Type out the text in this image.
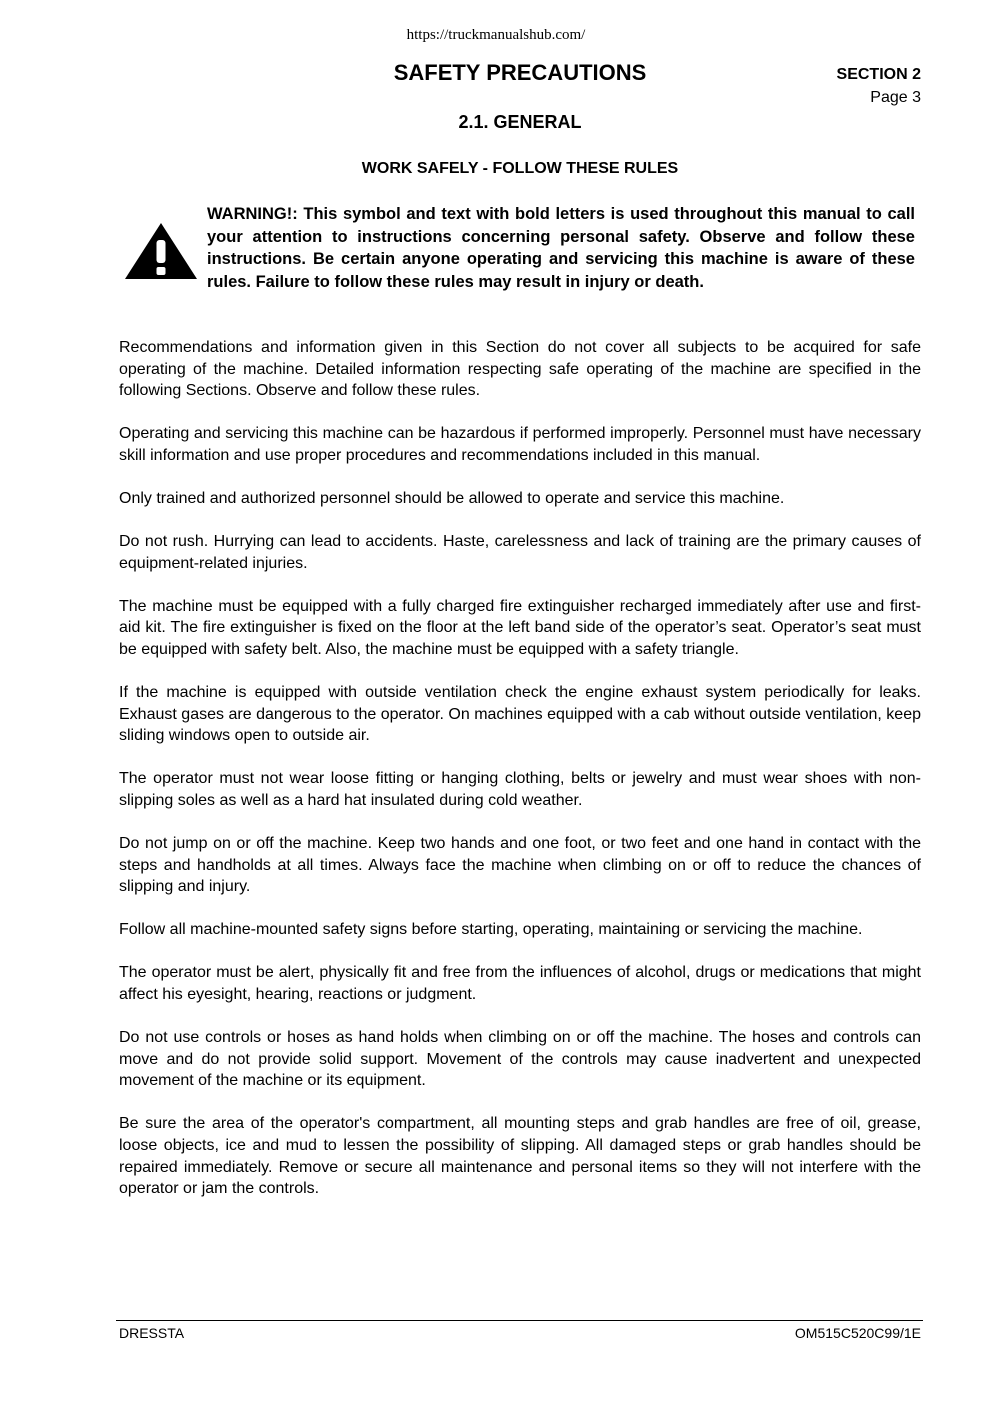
https://truckmanualshub.com/
SAFETY PRECAUTIONS	SECTION 2
Page 3
2.1. GENERAL
WORK SAFELY - FOLLOW THESE RULES
WARNING!: This symbol and text with bold letters is used throughout this manual to call your attention to instructions concerning personal safety. Observe and follow these instructions. Be certain anyone operating and servicing this machine is aware of these rules. Failure to follow these rules may result in injury or death.

Recommendations and information given in this Section do not cover all subjects to be acquired for safe operating of the machine. Detailed information respecting safe operating of the machine are specified in the following Sections. Observe and follow these rules.

Operating and servicing this machine can be hazardous if performed improperly. Personnel must have necessary skill information and use proper procedures and recommendations included in this manual.

Only trained and authorized personnel should be allowed to operate and service this machine.

Do not rush. Hurrying can lead to accidents. Haste, carelessness and lack of training are the primary causes of equipment-related injuries.

The machine must be equipped with a fully charged fire extinguisher recharged immediately after use and first-aid kit. The fire extinguisher is fixed on the floor at the left band side of the operator’s seat. Operator’s seat must be equipped with safety belt. Also, the machine must be equipped with a safety triangle.

If the machine is equipped with outside ventilation check the engine exhaust system periodically for leaks. Exhaust gases are dangerous to the operator. On machines equipped with a cab without outside ventilation, keep sliding windows open to outside air.

The operator must not wear loose fitting or hanging clothing, belts or jewelry and must wear shoes with non-slipping soles as well as a hard hat insulated during cold weather.

Do not jump on or off the machine. Keep two hands and one foot, or two feet and one hand in contact with the steps and handholds at all times. Always face the machine when climbing on or off to reduce the chances of slipping and injury.

Follow all machine-mounted safety signs before starting, operating, maintaining or servicing the machine.

The operator must be alert, physically fit and free from the influences of alcohol, drugs or medications that might affect his eyesight, hearing, reactions or judgment.

Do not use controls or hoses as hand holds when climbing on or off the machine. The hoses and controls can move and do not provide solid support. Movement of the controls may cause inadvertent and unexpected movement of the machine or its equipment.

Be sure the area of the operator's compartment, all mounting steps and grab handles are free of oil, grease, loose objects, ice and mud to lessen the possibility of slipping. All damaged steps or grab handles should be repaired immediately. Remove or secure all maintenance and personal items so they will not interfere with the operator or jam the controls.

DRESSTA	OM515C520C99/1E
